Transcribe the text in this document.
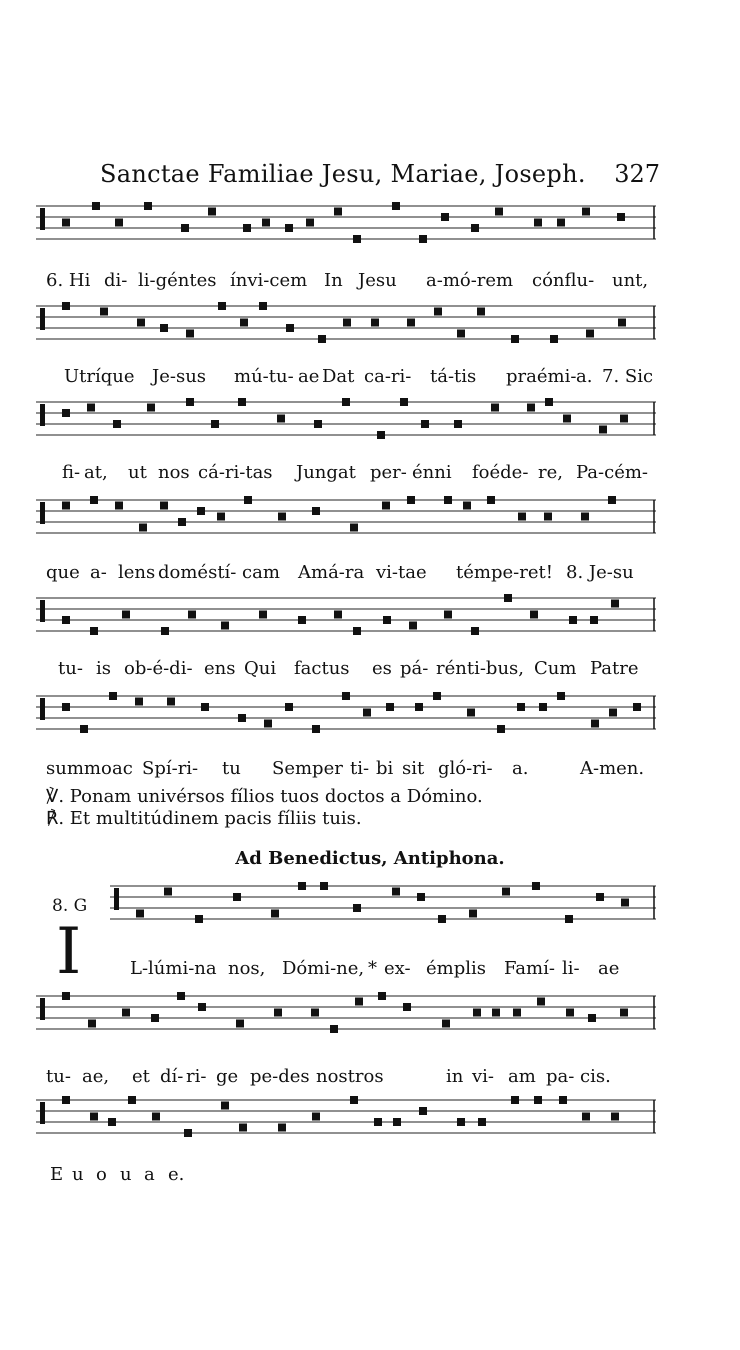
Sanctae Familiae Jesu, Mariae, Joseph. 327
6. Hi di- li-géntes ínvi-cem In Jesu a-mó-rem cónflu- unt,
Utríque Je-sus mú-tu- ae Dat ca-ri- tá-tis praémi- a. 7. Sic
fi- at, ut nos cá-ri-tas Jungat per- énni foéde- re, Pa-cém-
que a- lens doméstí- cam Amá-ra vi-tae témpe-ret! 8. Je-su
tu- is ob-é-di- ens Qui factus es pá- rénti-bus, Cum Patre
summo ac Spí-ri- tu Semper ti- bi sit gló-ri- a.	A-men.
℣. Ponam univérsos fílios tuos doctos a Dómino.
℟. Et multitúdinem pacis fíliis tuis.
Ad Benedictus, Antiphona.
8. G
I	L-lúmi-na nos, Dómi-ne, * ex- émplis Famí- li- ae
tu- ae, et dí- ri- ge pe-des nostros	in vi- am pa- cis.
E u o u a e.
